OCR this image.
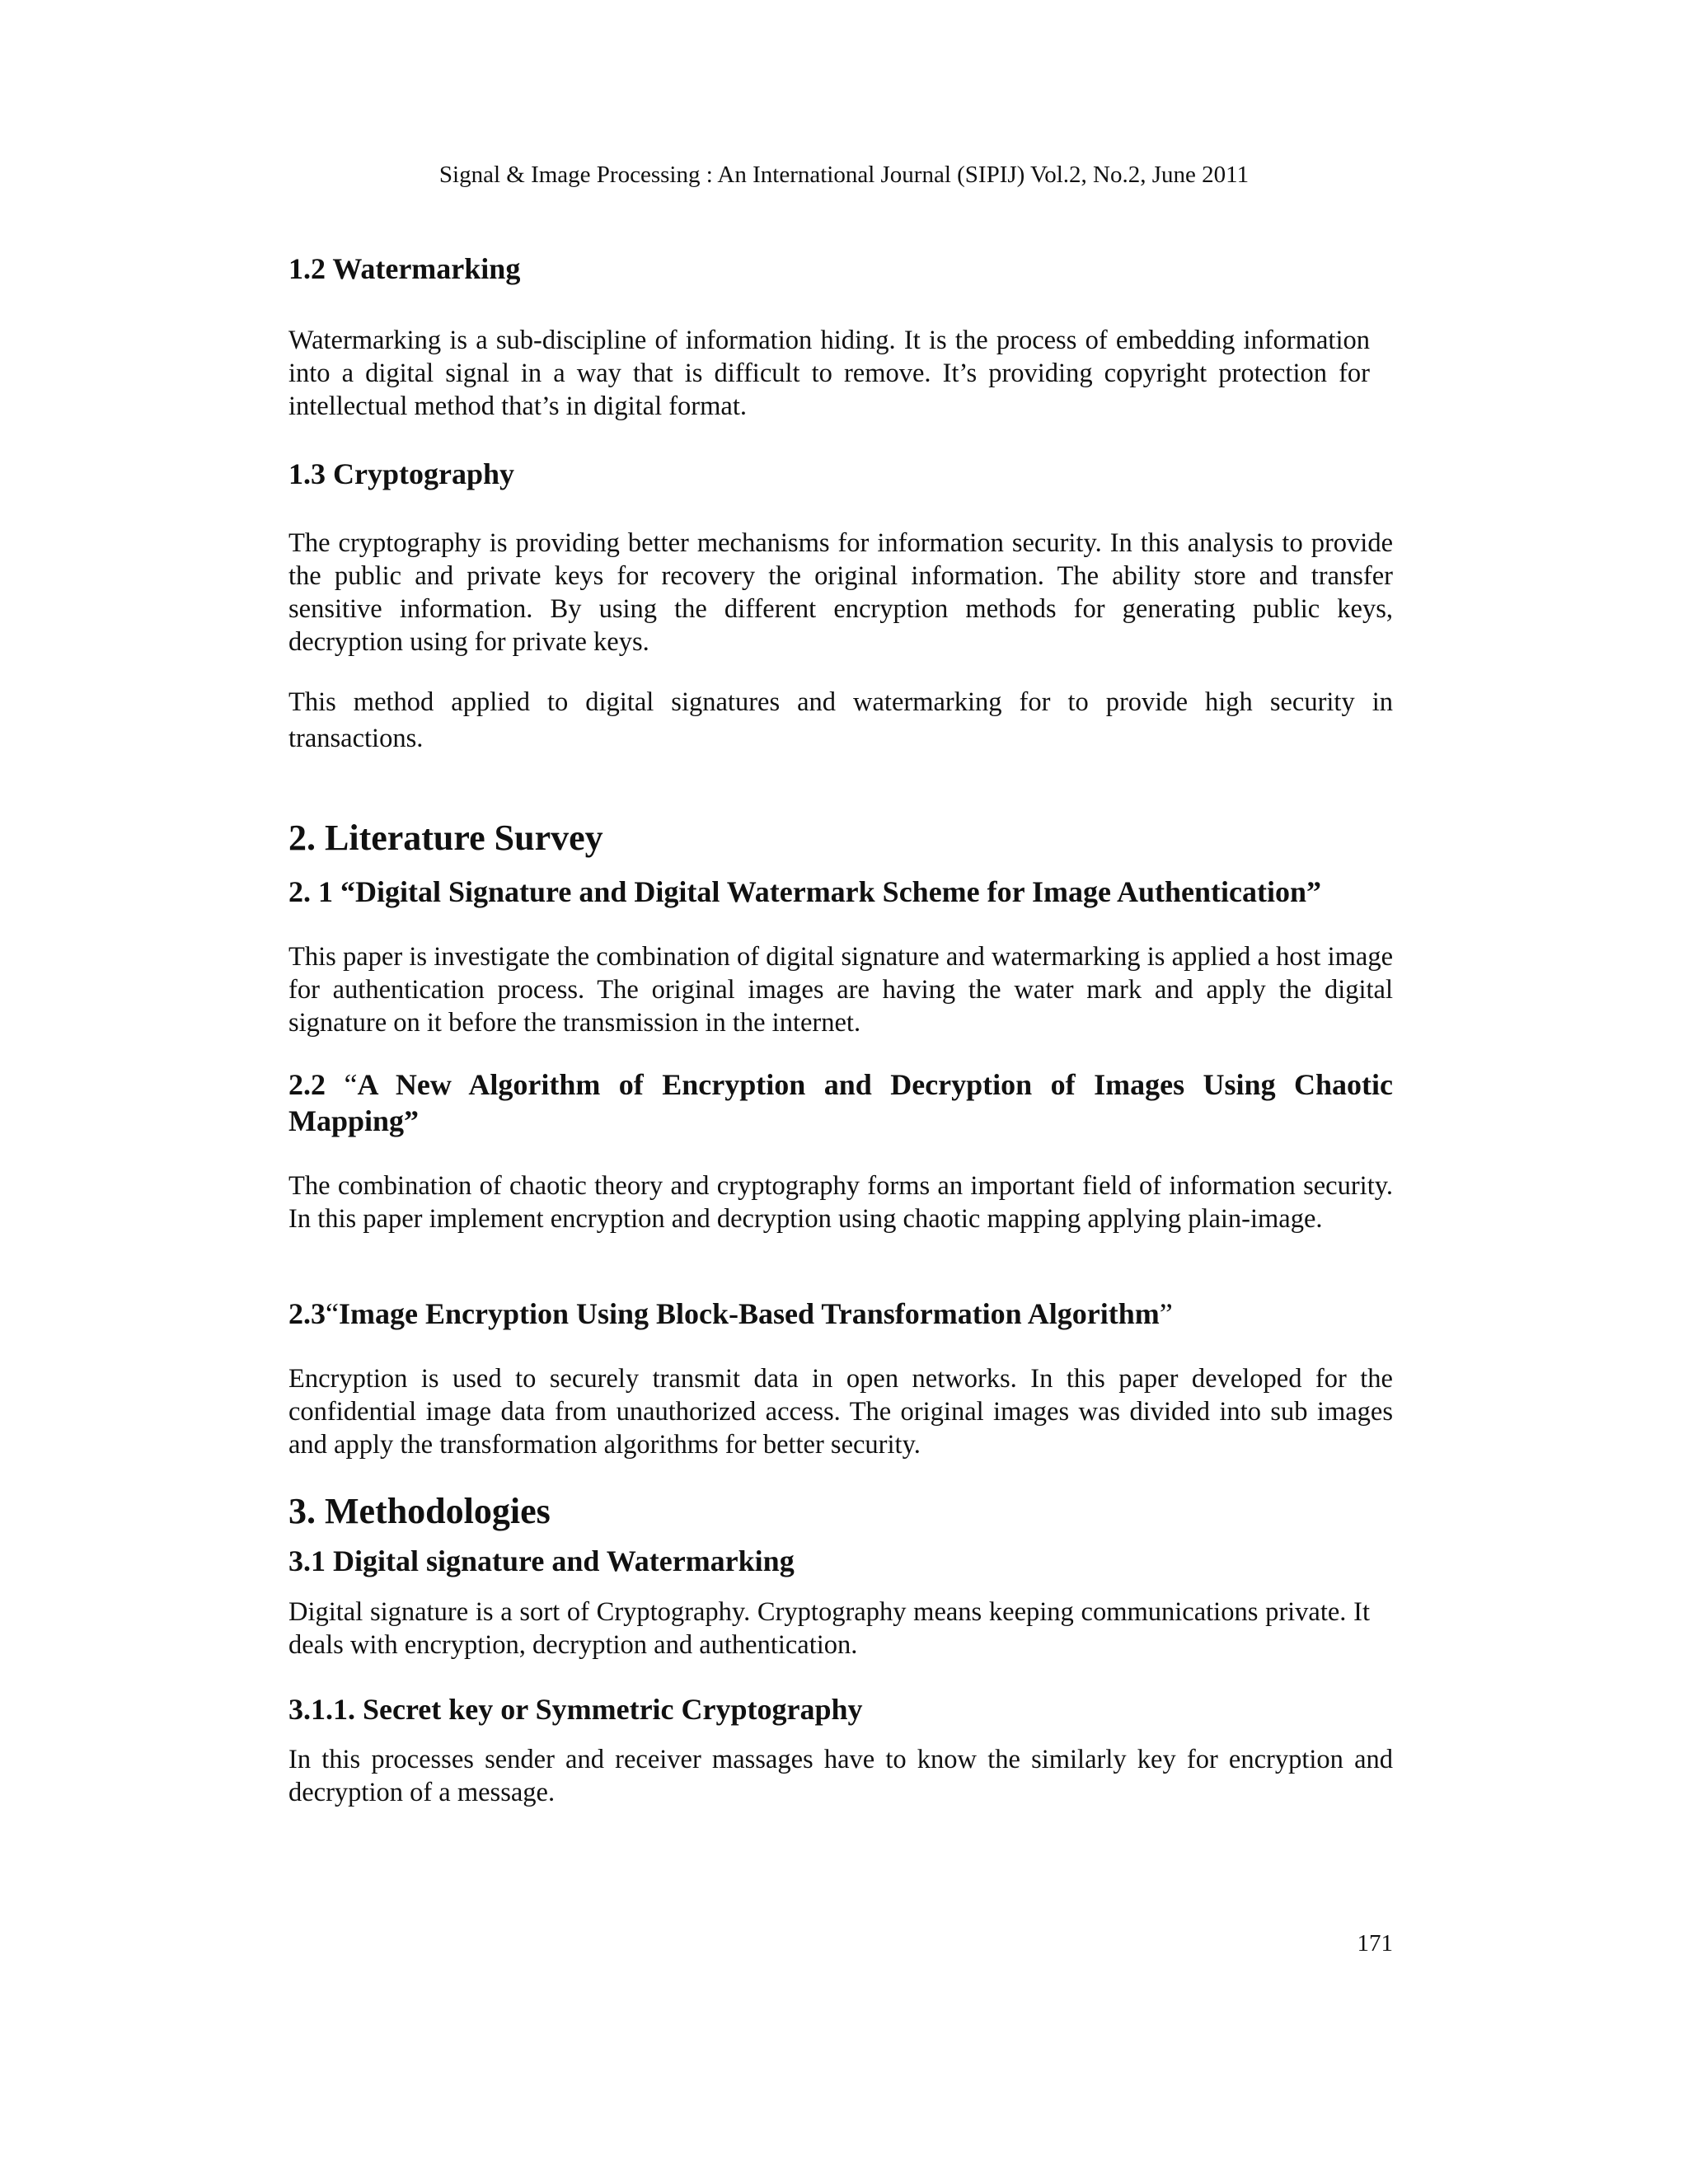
Signal & Image Processing : An International Journal (SIPIJ) Vol.2, No.2, June 2011
1.2 Watermarking

Watermarking is a sub-discipline of information hiding. It is the process of embedding information into a digital signal in a way that is difficult to remove. It’s providing copyright protection for intellectual method that’s in digital format.

1.3 Cryptography

The cryptography is providing better mechanisms for information security. In this analysis to provide the public and private keys for recovery the original information. The ability store and transfer sensitive information. By using the different encryption methods for generating public keys, decryption using for private keys.

This method applied to digital signatures and watermarking for to provide high security in transactions.

2. Literature Survey
2. 1 “Digital Signature and Digital Watermark Scheme for Image Authentication”

This paper is investigate the combination of digital signature and watermarking is applied a host image for authentication process. The original images are having the water mark and apply the digital signature on it before the transmission in the internet.

2.2 “A New Algorithm of Encryption and Decryption of Images Using Chaotic Mapping”

The combination of chaotic theory and cryptography forms an important field of information security. In this paper implement encryption and decryption using chaotic mapping applying plain-image.

2.3“Image Encryption Using Block-Based Transformation Algorithm”

Encryption is used to securely transmit data in open networks. In this paper developed for the confidential image data from unauthorized access. The original images was divided into sub images and apply the transformation algorithms for better security.

3. Methodologies
3.1 Digital signature and Watermarking

Digital signature is a sort of Cryptography. Cryptography means keeping communications private. It deals with encryption, decryption and authentication.

3.1.1. Secret key or Symmetric Cryptography

In this processes sender and receiver massages have to know the similarly key for encryption and decryption of a message.

171
